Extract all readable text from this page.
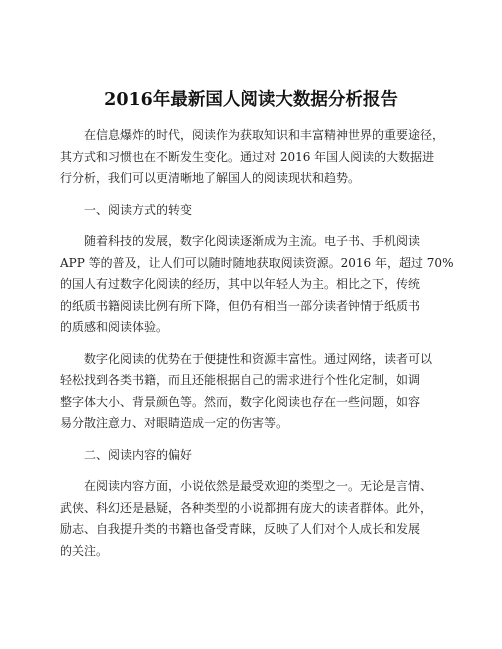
2016年最新国人阅读大数据分析报告
在信息爆炸的时代，阅读作为获取知识和丰富精神世界的重要途径，
其方式和习惯也在不断发生变化。通过对 2016 年国人阅读的大数据进
行分析，我们可以更清晰地了解国人的阅读现状和趋势。
一、阅读方式的转变
随着科技的发展，数字化阅读逐渐成为主流。电子书、手机阅读
APP 等的普及，让人们可以随时随地获取阅读资源。2016 年，超过 70%
的国人有过数字化阅读的经历，其中以年轻人为主。相比之下，传统
的纸质书籍阅读比例有所下降，但仍有相当一部分读者钟情于纸质书
的质感和阅读体验。
数字化阅读的优势在于便捷性和资源丰富性。通过网络，读者可以
轻松找到各类书籍，而且还能根据自己的需求进行个性化定制，如调
整字体大小、背景颜色等。然而，数字化阅读也存在一些问题，如容
易分散注意力、对眼睛造成一定的伤害等。
二、阅读内容的偏好
在阅读内容方面，小说依然是最受欢迎的类型之一。无论是言情、
武侠、科幻还是悬疑，各种类型的小说都拥有庞大的读者群体。此外，
励志、自我提升类的书籍也备受青睐，反映了人们对个人成长和发展
的关注。
